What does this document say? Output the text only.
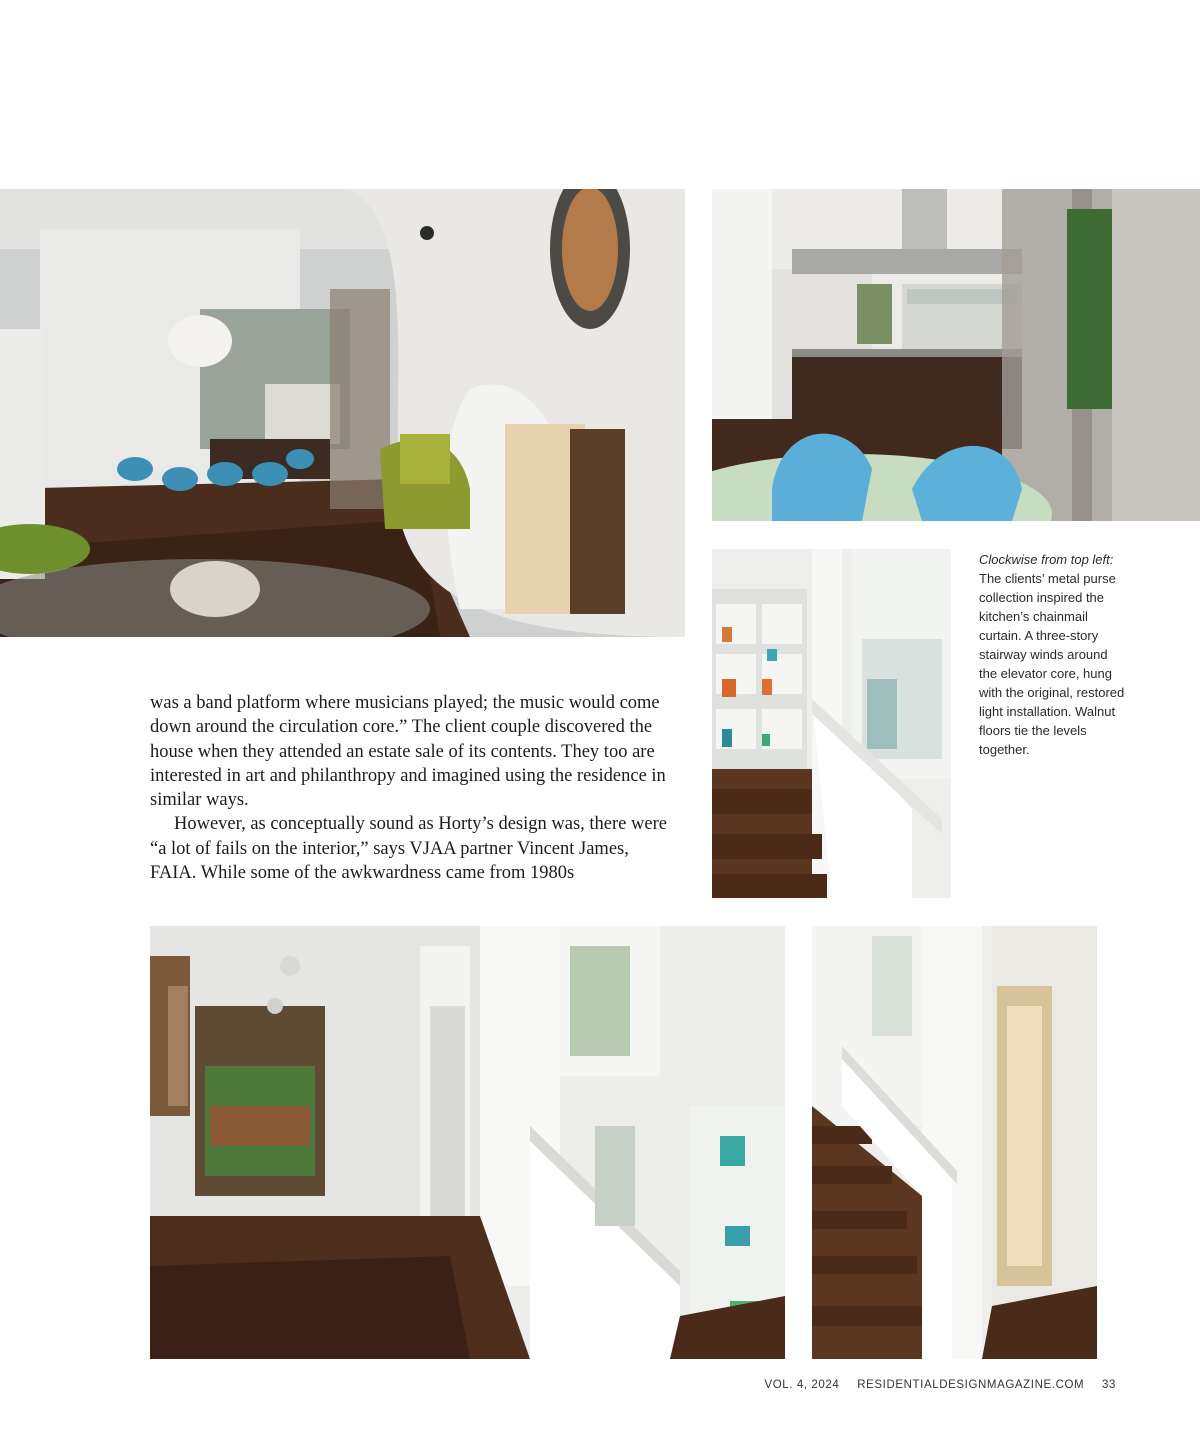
was a band platform where musicians played; the music would come down around the circulation core.” The client couple discovered the house when they attended an estate sale of its contents. They too are interested in art and philanthropy and imagined using the residence in similar ways.

However, as conceptually sound as Horty’s design was, there were “a lot of fails on the interior,” says VJAA partner Vincent James, FAIA. While some of the awkwardness came from 1980s

Clockwise from top left: The clients’ metal purse collection inspired the kitchen’s chainmail curtain. A three-story stairway winds around the elevator core, hung with the original, restored light installation. Walnut floors tie the levels together.
VOL. 4, 2024 RESIDENTIALDESIGNMAGAZINE.COM 33
